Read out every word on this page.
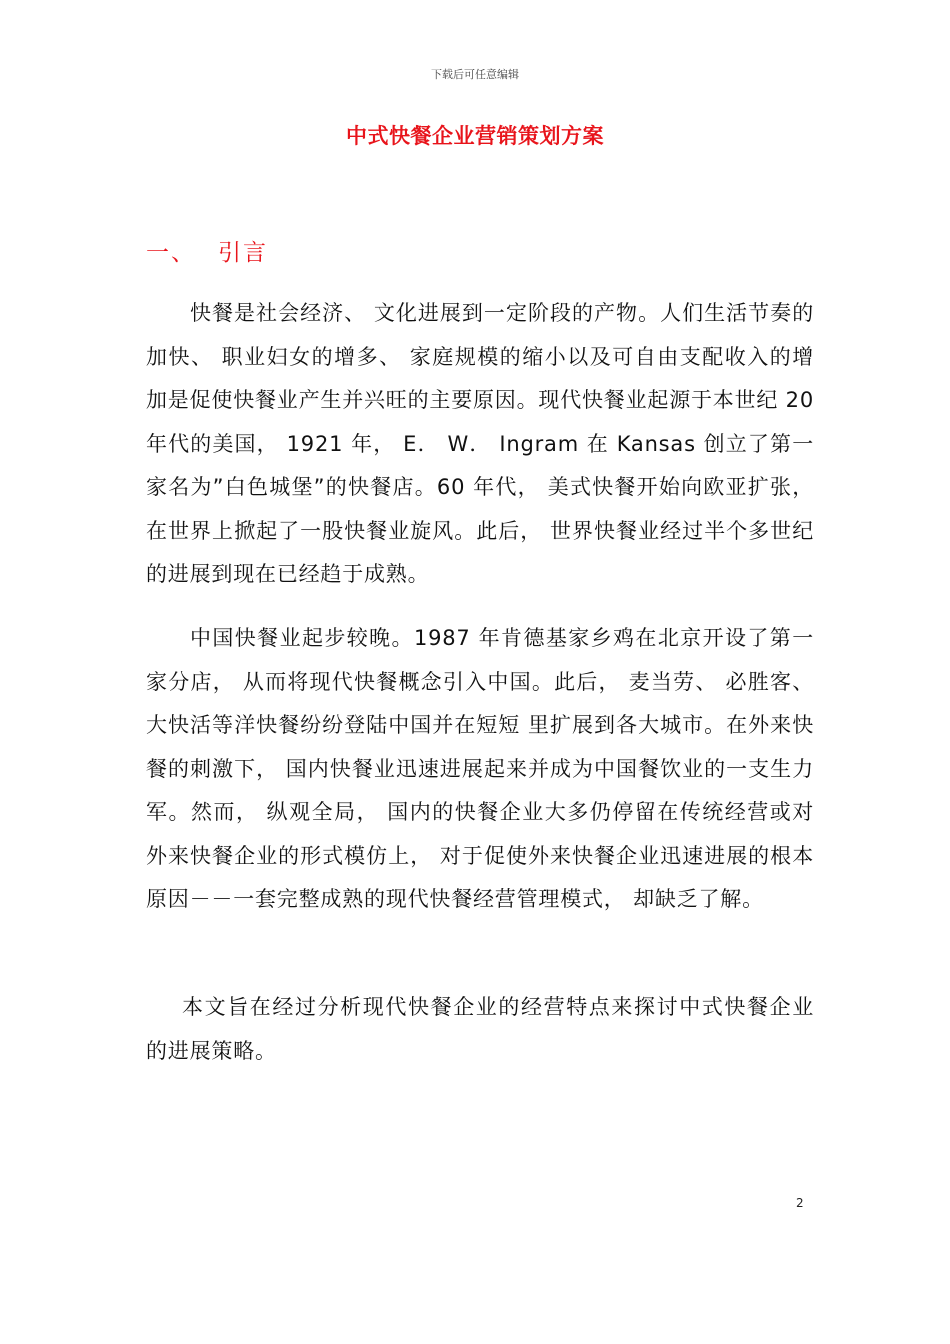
下载后可任意编辑
中式快餐企业营销策划方案
一、 引言

快餐是社会经济、 文化进展到一定阶段的产物。人们生活节奏的加快、 职业妇女的增多、 家庭规模的缩小以及可自由支配收入的增加是促使快餐业产生并兴旺的主要原因。现代快餐业起源于本世纪 20 年代的美国， 1921 年， E． W． Ingram 在 Kansas 创立了第一家名为”白色城堡”的快餐店。60 年代， 美式快餐开始向欧亚扩张， 在世界上掀起了一股快餐业旋风。此后， 世界快餐业经过半个多世纪的进展到现在已经趋于成熟。

中国快餐业起步较晚。1987 年肯德基家乡鸡在北京开设了第一家分店， 从而将现代快餐概念引入中国。此后， 麦当劳、 必胜客、 大快活等洋快餐纷纷登陆中国并在短短 里扩展到各大城市。在外来快餐的刺激下， 国内快餐业迅速进展起来并成为中国餐饮业的一支生力军。然而， 纵观全局， 国内的快餐企业大多仍停留在传统经营或对外来快餐企业的形式模仿上， 对于促使外来快餐企业迅速进展的根本原因－－一套完整成熟的现代快餐经营管理模式， 却缺乏了解。

本文旨在经过分析现代快餐企业的经营特点来探讨中式快餐企业的进展策略。

2
